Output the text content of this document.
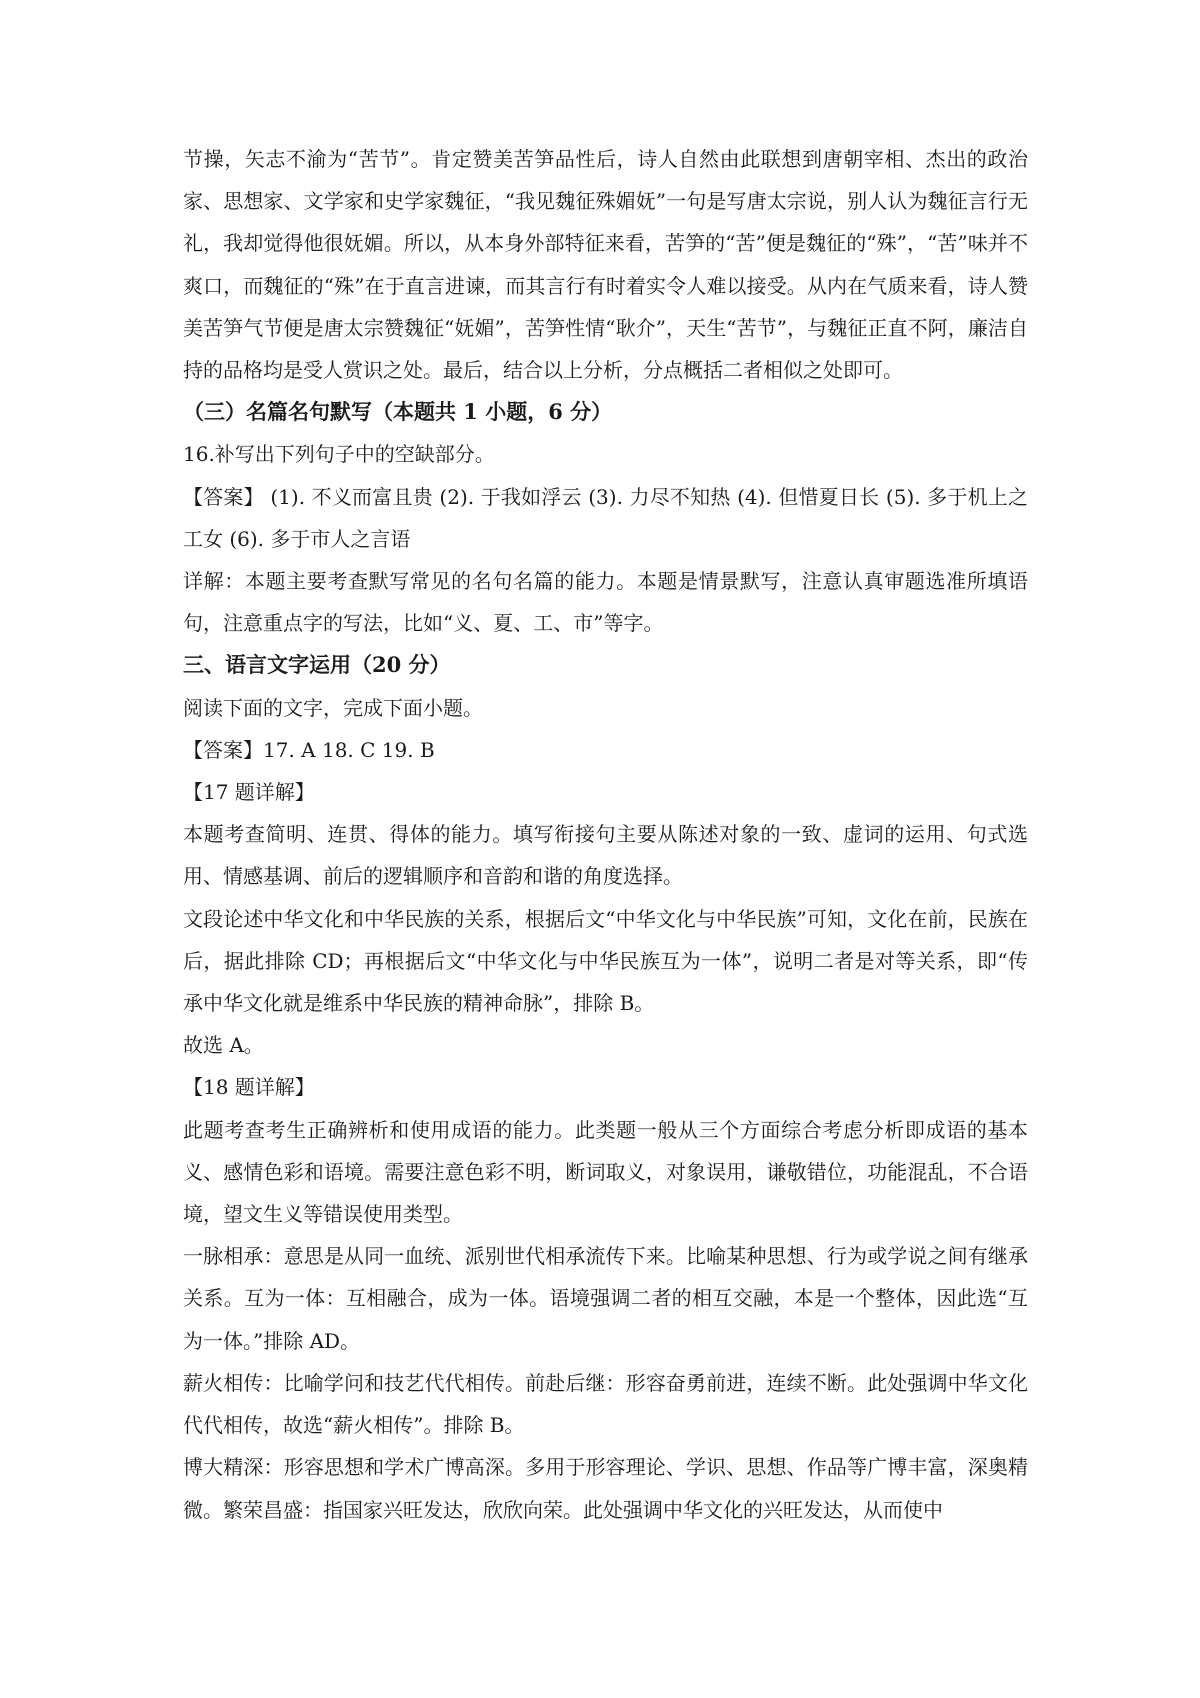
节操，矢志不渝为“苦节”。肯定赞美苦笋品性后，诗人自然由此联想到唐朝宰相、杰出的政治家、思想家、文学家和史学家魏征，“我见魏征殊媚妩”一句是写唐太宗说，别人认为魏征言行无礼，我却觉得他很妩媚。所以，从本身外部特征来看，苦笋的“苦”便是魏征的“殊”，“苦”味并不爽口，而魏征的“殊”在于直言进谏，而其言行有时着实令人难以接受。从内在气质来看，诗人赞美苦笋气节便是唐太宗赞魏征“妩媚”，苦笋性情“耿介”，天生“苦节”，与魏征正直不阿，廉洁自持的品格均是受人赏识之处。最后，结合以上分析，分点概括二者相似之处即可。

（三）名篇名句默写（本题共 1 小题，6 分）

16.补写出下列句子中的空缺部分。

【答案】 (1). 不义而富且贵 (2). 于我如浮云 (3). 力尽不知热 (4). 但惜夏日长 (5). 多于机上之工女 (6). 多于市人之言语

详解：本题主要考查默写常见的名句名篇的能力。本题是情景默写，注意认真审题选准所填语句，注意重点字的写法，比如“义、夏、工、市”等字。

三、语言文字运用（20 分）

阅读下面的文字，完成下面小题。

【答案】17. A 18. C 19. B

【17 题详解】

本题考查简明、连贯、得体的能力。填写衔接句主要从陈述对象的一致、虚词的运用、句式选用、情感基调、前后的逻辑顺序和音韵和谐的角度选择。

文段论述中华文化和中华民族的关系，根据后文“中华文化与中华民族”可知，文化在前，民族在后，据此排除 CD；再根据后文“中华文化与中华民族互为一体”，说明二者是对等关系，即“传承中华文化就是维系中华民族的精神命脉”，排除 B。

故选 A。

【18 题详解】

此题考查考生正确辨析和使用成语的能力。此类题一般从三个方面综合考虑分析即成语的基本义、感情色彩和语境。需要注意色彩不明，断词取义，对象误用，谦敬错位，功能混乱，不合语境，望文生义等错误使用类型。

一脉相承：意思是从同一血统、派别世代相承流传下来。比喻某种思想、行为或学说之间有继承关系。互为一体：互相融合，成为一体。语境强调二者的相互交融，本是一个整体，因此选“互为一体。”排除 AD。

薪火相传：比喻学问和技艺代代相传。前赴后继：形容奋勇前进，连续不断。此处强调中华文化代代相传，故选“薪火相传”。排除 B。

博大精深：形容思想和学术广博高深。多用于形容理论、学识、思想、作品等广博丰富，深奥精微。繁荣昌盛：指国家兴旺发达，欣欣向荣。此处强调中华文化的兴旺发达，从而使中
